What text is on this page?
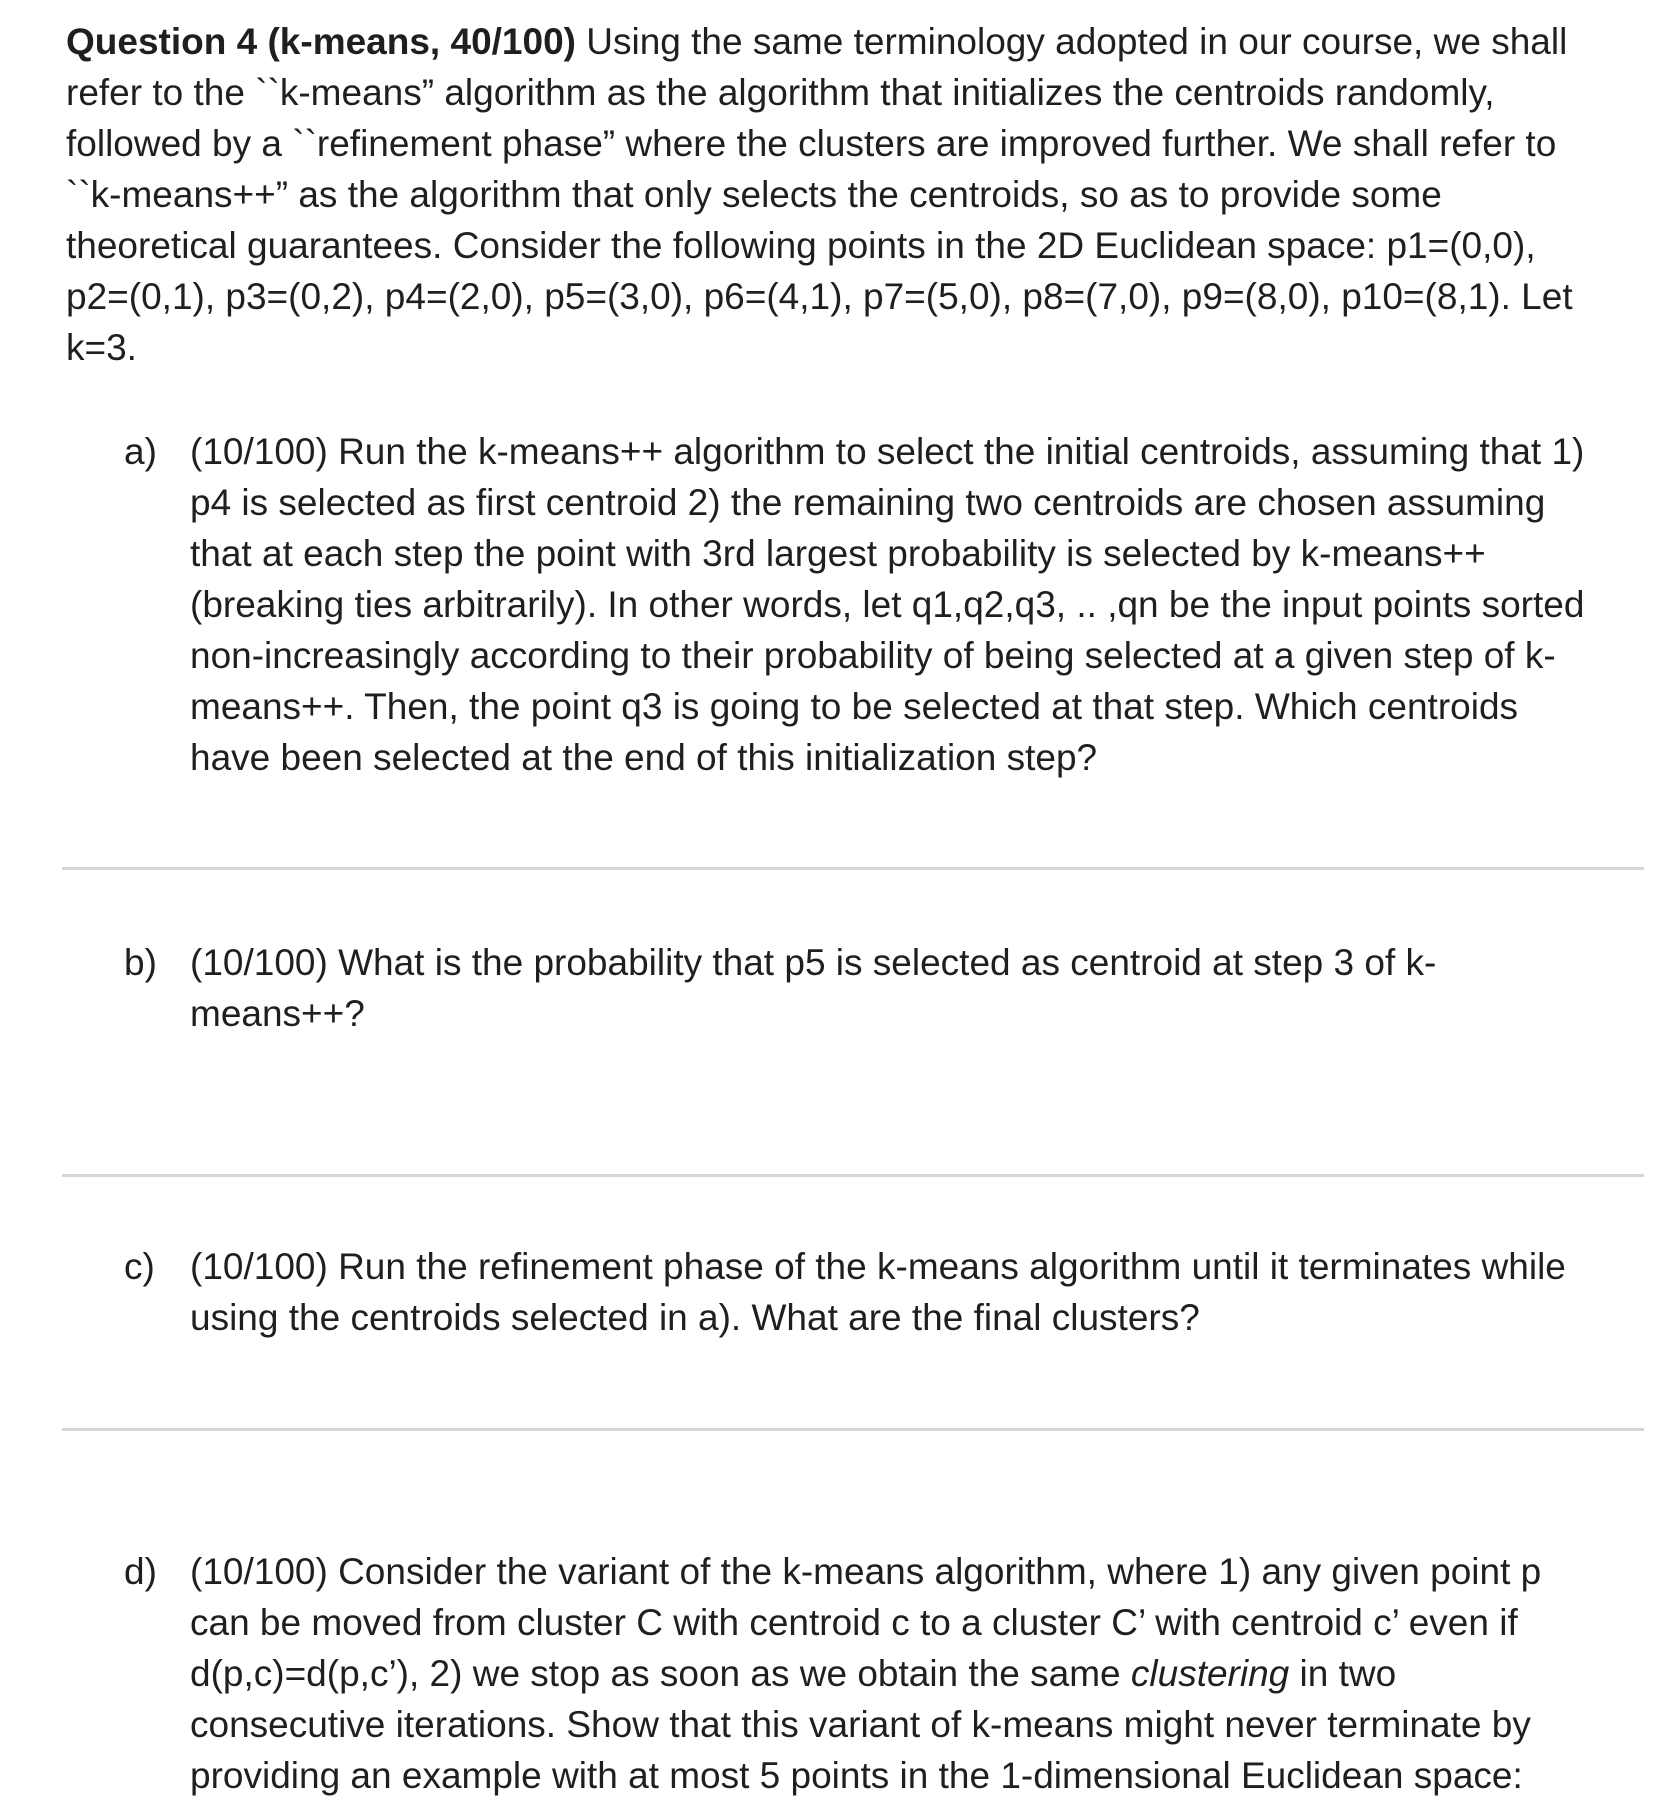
Question 4 (k-means, 40/100) Using the same terminology adopted in our course, we shall
refer to the ``k-means” algorithm as the algorithm that initializes the centroids randomly,
followed by a ``refinement phase” where the clusters are improved further. We shall refer to
``k-means++” as the algorithm that only selects the centroids, so as to provide some
theoretical guarantees. Consider the following points in the 2D Euclidean space: p1=(0,0),
p2=(0,1), p3=(0,2), p4=(2,0), p5=(3,0), p6=(4,1), p7=(5,0), p8=(7,0), p9=(8,0), p10=(8,1). Let
k=3.

a) (10/100) Run the k-means++ algorithm to select the initial centroids, assuming that 1)
p4 is selected as first centroid 2) the remaining two centroids are chosen assuming
that at each step the point with 3rd largest probability is selected by k-means++
(breaking ties arbitrarily). In other words, let q1,q2,q3, .. ,qn be the input points sorted
non-increasingly according to their probability of being selected at a given step of k-
means++. Then, the point q3 is going to be selected at that step. Which centroids
have been selected at the end of this initialization step?
b) (10/100) What is the probability that p5 is selected as centroid at step 3 of k-
means++?
c) (10/100) Run the refinement phase of the k-means algorithm until it terminates while
using the centroids selected in a). What are the final clusters?
d) (10/100) Consider the variant of the k-means algorithm, where 1) any given point p
can be moved from cluster C with centroid c to a cluster C’ with centroid c’ even if
d(p,c)=d(p,c’), 2) we stop as soon as we obtain the same clustering in two
consecutive iterations. Show that this variant of k-means might never terminate by
providing an example with at most 5 points in the 1-dimensional Euclidean space:
